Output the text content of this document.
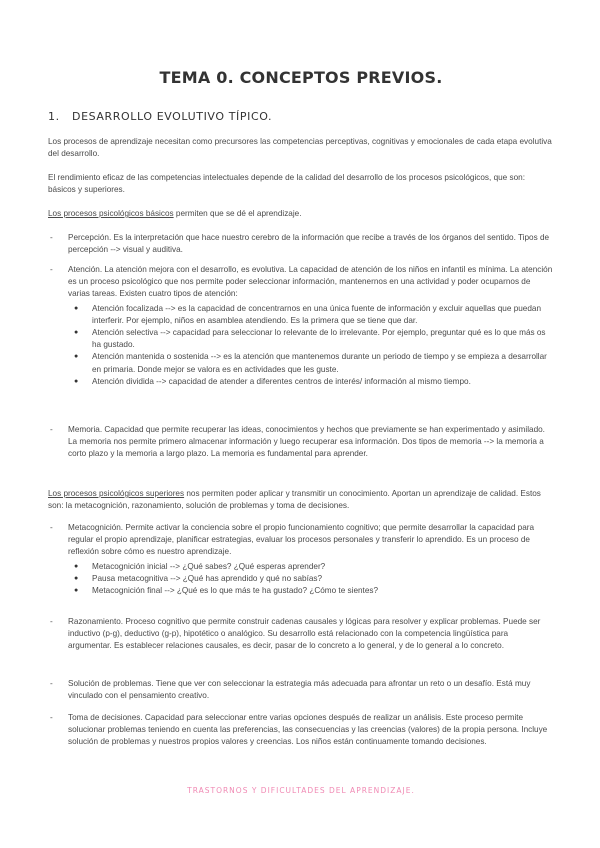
TEMA 0. CONCEPTOS PREVIOS.
1. DESARROLLO EVOLUTIVO TÍPICO.

Los procesos de aprendizaje necesitan como precursores las competencias perceptivas, cognitivas y emocionales de cada etapa evolutiva del desarrollo.

El rendimiento eficaz de las competencias intelectuales depende de la calidad del desarrollo de los procesos psicológicos, que son: básicos y superiores.

Los procesos psicológicos básicos permiten que se dé el aprendizaje.

- Percepción. Es la interpretación que hace nuestro cerebro de la información que recibe a través de los órganos del sentido. Tipos de percepción --> visual y auditiva.
- Atención. La atención mejora con el desarrollo, es evolutiva. La capacidad de atención de los niños en infantil es mínima. La atención es un proceso psicológico que nos permite poder seleccionar información, mantenernos en una actividad y poder ocuparnos de varias tareas. Existen cuatro tipos de atención:
● Atención focalizada --> es la capacidad de concentrarnos en una única fuente de información y excluir aquellas que puedan interferir. Por ejemplo, niños en asamblea atendiendo. Es la primera que se tiene que dar.
● Atención selectiva --> capacidad para seleccionar lo relevante de lo irrelevante. Por ejemplo, preguntar qué es lo que más os ha gustado.
● Atención mantenida o sostenida --> es la atención que mantenemos durante un periodo de tiempo y se empieza a desarrollar en primaria. Donde mejor se valora es en actividades que les guste.
● Atención dividida --> capacidad de atender a diferentes centros de interés/ información al mismo tiempo.
- Memoria. Capacidad que permite recuperar las ideas, conocimientos y hechos que previamente se han experimentado y asimilado. La memoria nos permite primero almacenar información y luego recuperar esa información. Dos tipos de memoria --> la memoria a corto plazo y la memoria a largo plazo. La memoria es fundamental para aprender.

Los procesos psicológicos superiores nos permiten poder aplicar y transmitir un conocimiento. Aportan un aprendizaje de calidad. Estos son: la metacognición, razonamiento, solución de problemas y toma de decisiones.

- Metacognición. Permite activar la conciencia sobre el propio funcionamiento cognitivo; que permite desarrollar la capacidad para regular el propio aprendizaje, planificar estrategias, evaluar los procesos personales y transferir lo aprendido. Es un proceso de reflexión sobre cómo es nuestro aprendizaje.
● Metacognición inicial --> ¿Qué sabes? ¿Qué esperas aprender?
● Pausa metacognitiva --> ¿Qué has aprendido y qué no sabías?
● Metacognición final --> ¿Qué es lo que más te ha gustado? ¿Cómo te sientes?
- Razonamiento. Proceso cognitivo que permite construir cadenas causales y lógicas para resolver y explicar problemas. Puede ser inductivo (p-g), deductivo (g-p), hipotético o analógico. Su desarrollo está relacionado con la competencia lingüística para argumentar. Es establecer relaciones causales, es decir, pasar de lo concreto a lo general, y de lo general a lo concreto.
- Solución de problemas. Tiene que ver con seleccionar la estrategia más adecuada para afrontar un reto o un desafío. Está muy vinculado con el pensamiento creativo.
- Toma de decisiones. Capacidad para seleccionar entre varias opciones después de realizar un análisis. Este proceso permite solucionar problemas teniendo en cuenta las preferencias, las consecuencias y las creencias (valores) de la propia persona. Incluye solución de problemas y nuestros propios valores y creencias. Los niños están continuamente tomando decisiones.
TRASTORNOS Y DIFICULTADES DEL APRENDIZAJE.
